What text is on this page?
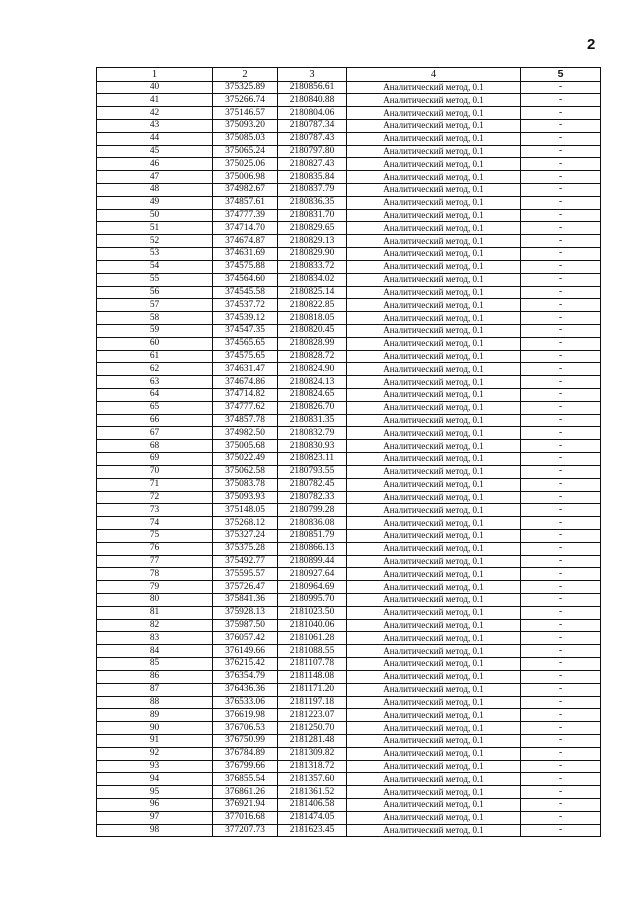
2
1	2	3	4	5
40	375325.89	2180856.61	Аналитический метод, 0.1	-
41	375266.74	2180840.88	Аналитический метод, 0.1	-
42	375146.57	2180804.06	Аналитический метод, 0.1	-
43	375093.20	2180787.34	Аналитический метод, 0.1	-
44	375085.03	2180787.43	Аналитический метод, 0.1	-
45	375065.24	2180797.80	Аналитический метод, 0.1	-
46	375025.06	2180827.43	Аналитический метод, 0.1	-
47	375006.98	2180835.84	Аналитический метод, 0.1	-
48	374982.67	2180837.79	Аналитический метод, 0.1	-
49	374857.61	2180836.35	Аналитический метод, 0.1	-
50	374777.39	2180831.70	Аналитический метод, 0.1	-
51	374714.70	2180829.65	Аналитический метод, 0.1	-
52	374674.87	2180829.13	Аналитический метод, 0.1	-
53	374631.69	2180829.90	Аналитический метод, 0.1	-
54	374575.88	2180833.72	Аналитический метод, 0.1	-
55	374564.60	2180834.02	Аналитический метод, 0.1	-
56	374545.58	2180825.14	Аналитический метод, 0.1	-
57	374537.72	2180822.85	Аналитический метод, 0.1	-
58	374539.12	2180818.05	Аналитический метод, 0.1	-
59	374547.35	2180820.45	Аналитический метод, 0.1	-
60	374565.65	2180828.99	Аналитический метод, 0.1	-
61	374575.65	2180828.72	Аналитический метод, 0.1	-
62	374631.47	2180824.90	Аналитический метод, 0.1	-
63	374674.86	2180824.13	Аналитический метод, 0.1	-
64	374714.82	2180824.65	Аналитический метод, 0.1	-
65	374777.62	2180826.70	Аналитический метод, 0.1	-
66	374857.78	2180831.35	Аналитический метод, 0.1	-
67	374982.50	2180832.79	Аналитический метод, 0.1	-
68	375005.68	2180830.93	Аналитический метод, 0.1	-
69	375022.49	2180823.11	Аналитический метод, 0.1	-
70	375062.58	2180793.55	Аналитический метод, 0.1	-
71	375083.78	2180782.45	Аналитический метод, 0.1	-
72	375093.93	2180782.33	Аналитический метод, 0.1	-
73	375148.05	2180799.28	Аналитический метод, 0.1	-
74	375268.12	2180836.08	Аналитический метод, 0.1	-
75	375327.24	2180851.79	Аналитический метод, 0.1	-
76	375375.28	2180866.13	Аналитический метод, 0.1	-
77	375492.77	2180899.44	Аналитический метод, 0.1	-
78	375595.57	2180927.64	Аналитический метод, 0.1	-
79	375726.47	2180964.69	Аналитический метод, 0.1	-
80	375841.36	2180995.70	Аналитический метод, 0.1	-
81	375928.13	2181023.50	Аналитический метод, 0.1	-
82	375987.50	2181040.06	Аналитический метод, 0.1	-
83	376057.42	2181061.28	Аналитический метод, 0.1	-
84	376149.66	2181088.55	Аналитический метод, 0.1	-
85	376215.42	2181107.78	Аналитический метод, 0.1	-
86	376354.79	2181148.08	Аналитический метод, 0.1	-
87	376436.36	2181171.20	Аналитический метод, 0.1	-
88	376533.06	2181197.18	Аналитический метод, 0.1	-
89	376619.98	2181223.07	Аналитический метод, 0.1	-
90	376706.53	2181250.70	Аналитический метод, 0.1	-
91	376750.99	2181281.48	Аналитический метод, 0.1	-
92	376784.89	2181309.82	Аналитический метод, 0.1	-
93	376799.66	2181318.72	Аналитический метод, 0.1	-
94	376855.54	2181357.60	Аналитический метод, 0.1	-
95	376861.26	2181361.52	Аналитический метод, 0.1	-
96	376921.94	2181406.58	Аналитический метод, 0.1	-
97	377016.68	2181474.05	Аналитический метод, 0.1	-
98	377207.73	2181623.45	Аналитический метод, 0.1	-
